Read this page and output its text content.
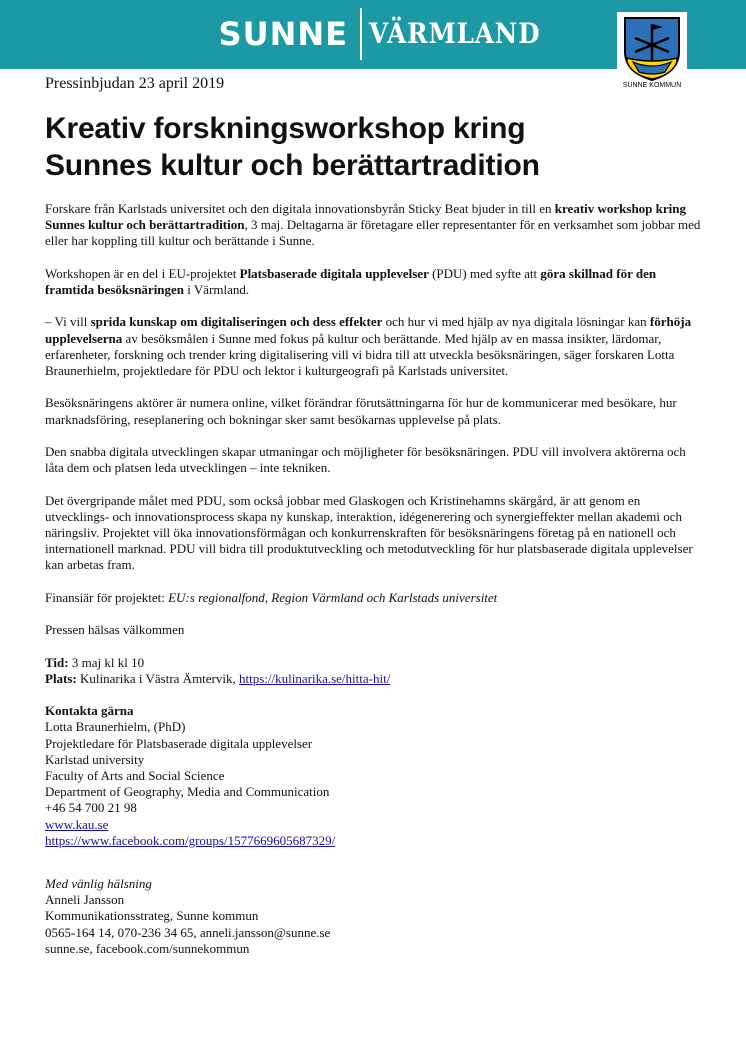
SUNNE VÄRMLAND
SUNNE KOMMUN

Pressinbjudan 23 april 2019

Kreativ forskningsworkshop kring
Sunnes kultur och berättartradition

Forskare från Karlstads universitet och den digitala innovationsbyrån Sticky Beat bjuder in till en kreativ workshop kring Sunnes kultur och berättartradition, 3 maj. Deltagarna är företagare eller representanter för en verksamhet som jobbar med eller har koppling till kultur och berättande i Sunne.

Workshopen är en del i EU-projektet Platsbaserade digitala upplevelser (PDU) med syfte att göra skillnad för den framtida besöksnäringen i Värmland.

– Vi vill sprida kunskap om digitaliseringen och dess effekter och hur vi med hjälp av nya digitala lösningar kan förhöja upplevelserna av besöksmålen i Sunne med fokus på kultur och berättande. Med hjälp av en massa insikter, lärdomar, erfarenheter, forskning och trender kring digitalisering vill vi bidra till att utveckla besöksnäringen, säger forskaren Lotta Braunerhielm, projektledare för PDU och lektor i kulturgeografi på Karlstads universitet.

Besöksnäringens aktörer är numera online, vilket förändrar förutsättningarna för hur de kommunicerar med besökare, hur marknadsföring, reseplanering och bokningar sker samt besökarnas upplevelse på plats.

Den snabba digitala utvecklingen skapar utmaningar och möjligheter för besöksnäringen. PDU vill involvera aktörerna och låta dem och platsen leda utvecklingen – inte tekniken.

Det övergripande målet med PDU, som också jobbar med Glaskogen och Kristinehamns skärgård, är att genom en utvecklings- och innovationsprocess skapa ny kunskap, interaktion, idégenerering och synergieffekter mellan akademi och näringsliv. Projektet vill öka innovationsförmågan och konkurrenskraften för besöksnäringens företag på en nationell och internationell marknad. PDU vill bidra till produktutveckling och metodutveckling för hur platsbaserade digitala upplevelser kan arbetas fram.

Finansiär för projektet: EU:s regionalfond, Region Värmland och Karlstads universitet

Pressen hälsas välkommen

Tid: 3 maj kl kl 10
Plats: Kulinarika i Västra Ämtervik, https://kulinarika.se/hitta-hit/

Kontakta gärna
Lotta Braunerhielm, (PhD)
Projektledare för Platsbaserade digitala upplevelser
Karlstad university
Faculty of Arts and Social Science
Department of Geography, Media and Communication
+46 54 700 21 98
www.kau.se
https://www.facebook.com/groups/1577669605687329/
Med vänlig hälsning
Anneli Jansson
Kommunikationsstrateg, Sunne kommun
0565-164 14, 070-236 34 65, anneli.jansson@sunne.se
sunne.se, facebook.com/sunnekommun
